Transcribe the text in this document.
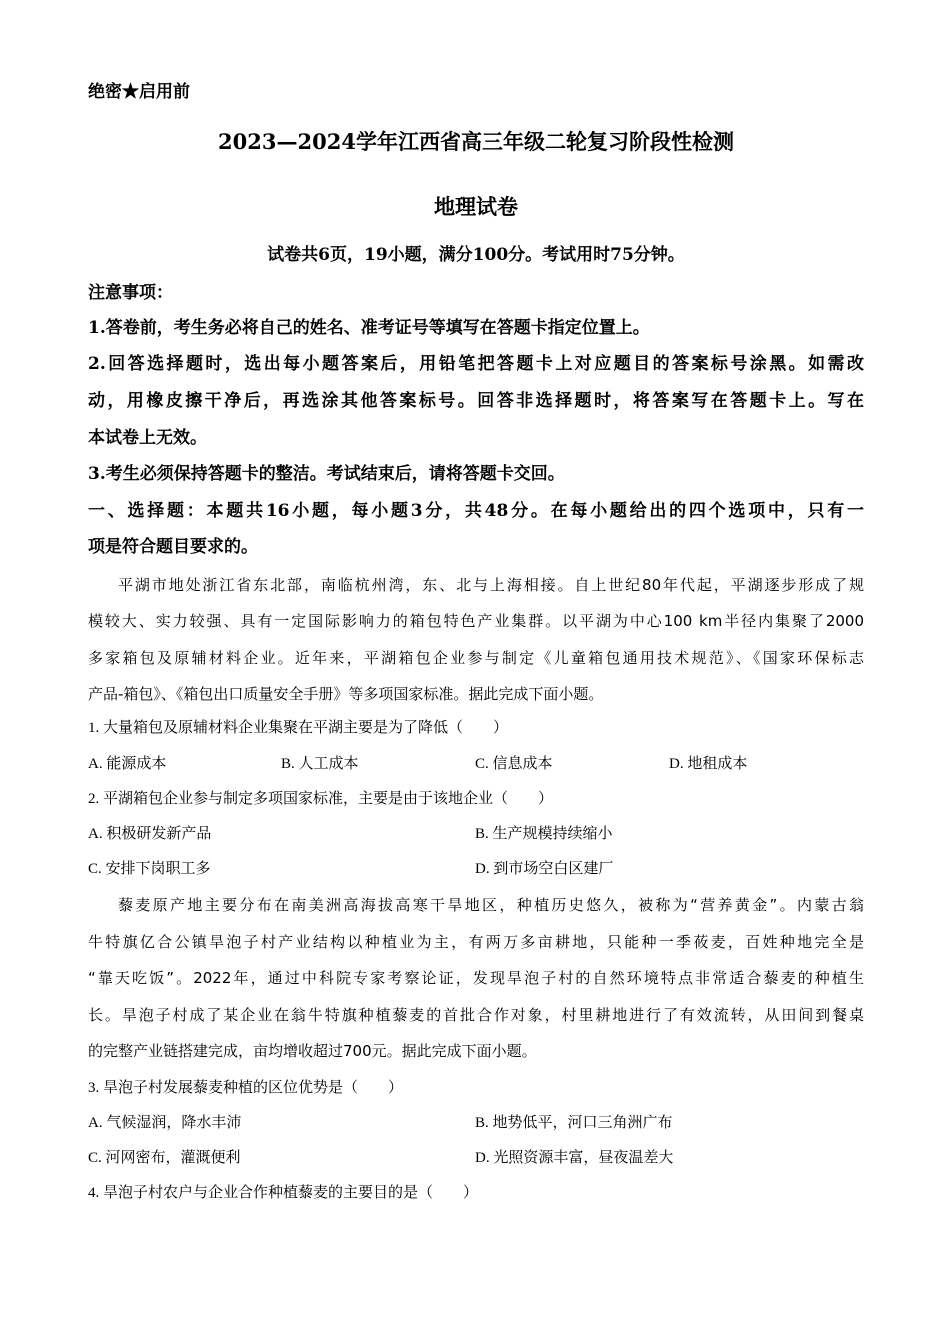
绝密★启用前
2023—2024学年江西省高三年级二轮复习阶段性检测
地理试卷
试卷共6页，19小题，满分100分。考试用时75分钟。
注意事项：
1.答卷前，考生务必将自己的姓名、准考证号等填写在答题卡指定位置上。
2.回答选择题时，选出每小题答案后，用铅笔把答题卡上对应题目的答案标号涂黑。如需改
动，用橡皮擦干净后，再选涂其他答案标号。回答非选择题时，将答案写在答题卡上。写在
本试卷上无效。
3.考生必须保持答题卡的整洁。考试结束后，请将答题卡交回。
一、选择题：本题共16小题，每小题3分，共48分。在每小题给出的四个选项中，只有一
项是符合题目要求的。
平湖市地处浙江省东北部，南临杭州湾，东、北与上海相接。自上世纪80年代起，平湖逐步形成了规
模较大、实力较强、具有一定国际影响力的箱包特色产业集群。以平湖为中心100 km半径内集聚了2000
多家箱包及原辅材料企业。近年来，平湖箱包企业参与制定《儿童箱包通用技术规范》、《国家环保标志
产品-箱包》、《箱包出口质量安全手册》等多项国家标准。据此完成下面小题。
1. 大量箱包及原辅材料企业集聚在平湖主要是为了降低（　　）
A. 能源成本	B. 人工成本	C. 信息成本	D. 地租成本
2. 平湖箱包企业参与制定多项国家标准，主要是由于该地企业（　　）
A. 积极研发新产品	B. 生产规模持续缩小
C. 安排下岗职工多	D. 到市场空白区建厂
藜麦原产地主要分布在南美洲高海拔高寒干旱地区，种植历史悠久，被称为“营养黄金”。内蒙古翁
牛特旗亿合公镇旱泡子村产业结构以种植业为主，有两万多亩耕地，只能种一季莜麦，百姓种地完全是
“靠天吃饭”。2022年，通过中科院专家考察论证，发现旱泡子村的自然环境特点非常适合藜麦的种植生
长。旱泡子村成了某企业在翁牛特旗种植藜麦的首批合作对象，村里耕地进行了有效流转，从田间到餐桌
的完整产业链搭建完成，亩均增收超过700元。据此完成下面小题。
3. 旱泡子村发展藜麦种植的区位优势是（　　）
A. 气候湿润，降水丰沛	B. 地势低平，河口三角洲广布
C. 河网密布，灌溉便利	D. 光照资源丰富，昼夜温差大
4. 旱泡子村农户与企业合作种植藜麦的主要目的是（　　）
